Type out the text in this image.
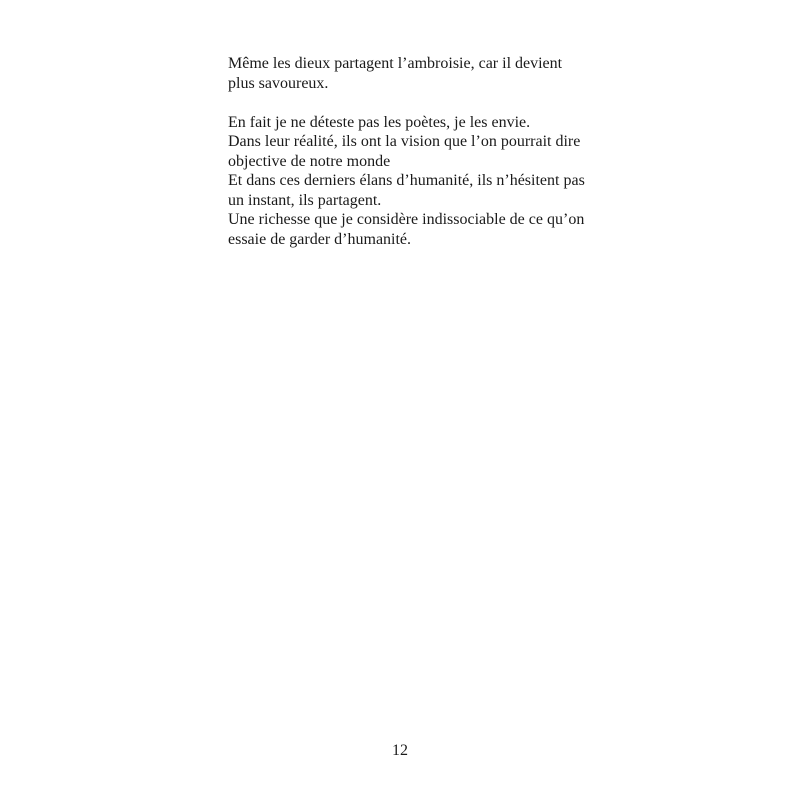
Même les dieux partagent l’ambroisie, car il devient
plus savoureux.
En fait je ne déteste pas les poètes, je les envie.
Dans leur réalité, ils ont la vision que l’on pourrait dire
objective de notre monde
Et dans ces derniers élans d’humanité, ils n’hésitent pas
un instant, ils partagent.
Une richesse que je considère indissociable de ce qu’on
essaie de garder d’humanité.
12
